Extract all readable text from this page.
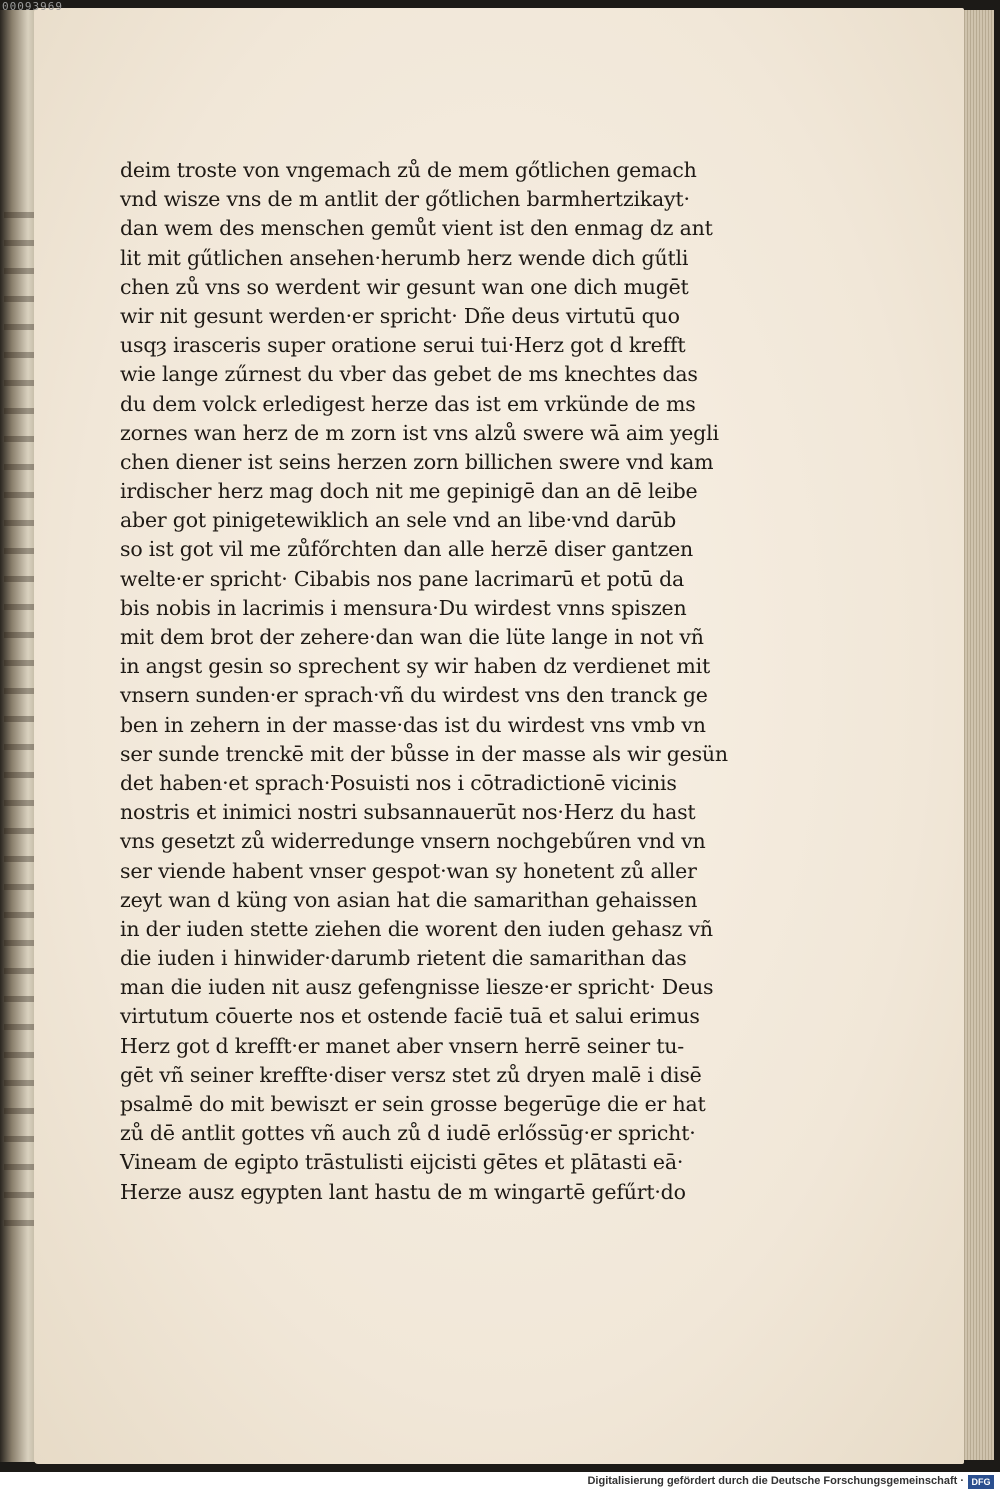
deim troste von vngemach zů de mem gőtlichen gemach
vnd wisze vns de m antlit der gőtlichen barmhertzikayt·
dan wem des menschen gemůt vient ist den enmag dz ant
lit mit gűtlichen ansehen·herumb herz wende dich gűtli
chen zů vns so werdent wir gesunt wan one dich mugēt
wir nit gesunt werden·er spricht· Dñe deus virtutū quo
usqȝ irasceris super oratione serui tui·Herz got d krefft
wie lange zűrnest du vber das gebet de ms knechtes das
du dem volck erledigest herze das ist em vrkünde de ms
zornes wan herz de m zorn ist vns alzů swere wā aim yegli
chen diener ist seins herzen zorn billichen swere vnd kam
irdischer herz mag doch nit me gepinigē dan an dē leibe
aber got pinigetewiklich an sele vnd an libe·vnd darūb
so ist got vil me zůfőrchten dan alle herzē diser gantzen
welte·er spricht· Cibabis nos pane lacrimarū et potū da
bis nobis in lacrimis i mensura·Du wirdest vnns spiszen
mit dem brot der zehere·dan wan die lüte lange in not vñ
in angst gesin so sprechent sy wir haben dz verdienet mit
vnsern sunden·er sprach·vñ du wirdest vns den tranck ge
ben in zehern in der masse·das ist du wirdest vns vmb vn
ser sunde trenckē mit der bůsse in der masse als wir gesün
det haben·et sprach·Posuisti nos i cōtradictionē vicinis
nostris et inimici nostri subsannauerūt nos·Herz du hast
vns gesetzt zů widerredunge vnsern nochgebűren vnd vn
ser viende habent vnser gespot·wan sy honetent zů aller
zeyt wan d küng von asian hat die samarithan gehaissen
in der iuden stette ziehen die worent den iuden gehasz vñ
die iuden i hinwider·darumb rietent die samarithan das
man die iuden nit ausz gefengnisse liesze·er spricht· Deus
virtutum cōuerte nos et ostende faciē tuā et salui erimus
Herz got d krefft·er manet aber vnsern herrē seiner tu-
gēt vñ seiner kreffte·diser versz stet zů dryen malē i disē
psalmē do mit bewiszt er sein grosse begerūge die er hat
zů dē antlit gottes vñ auch zů d iudē erlőssūg·er spricht·
Vineam de egipto trāstulisti eijcisti gētes et plātasti eā·
Herze ausz egypten lant hastu de m wingartē gefűrt·do
00093969
Digitalisierung gefördert durch die Deutsche Forschungsgemeinschaft · DFG
